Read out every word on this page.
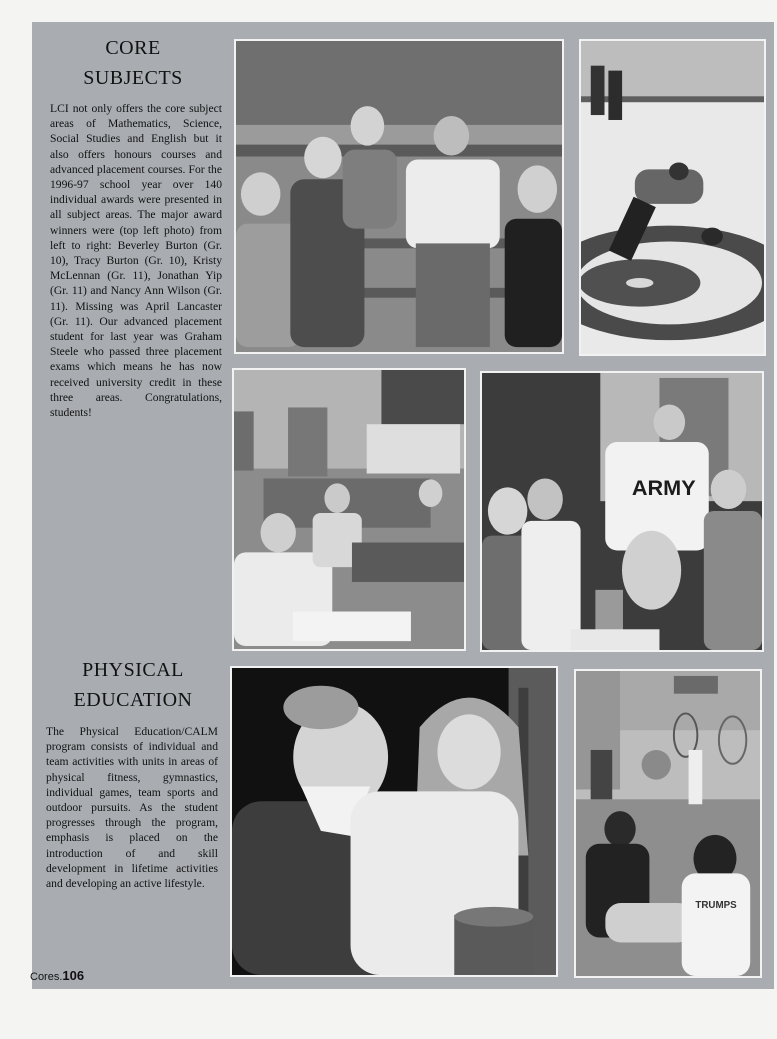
CORE
SUBJECTS
LCI not only offers the core subject areas of Mathematics, Science, Social Studies and English but it also offers honours courses and advanced placement courses. For the 1996-97 school year over 140 individual awards were presented in all subject areas. The major award winners were (top left photo) from left to right: Beverley Burton (Gr. 10), Tracy Burton (Gr. 10), Kristy McLennan (Gr. 11), Jonathan Yip (Gr. 11) and Nancy Ann Wilson (Gr. 11). Missing was April Lancaster (Gr. 11). Our advanced placement student for last year was Graham Steele who passed three placement exams which means he has now received university credit in these three areas. Congratulations, students!
PHYSICAL
EDUCATION
The Physical Education/CALM program consists of individual and team activities with units in areas of physical fitness, gymnastics, individual games, team sports and outdoor pursuits. As the student progresses through the program, emphasis is placed on the introduction of and skill development in lifetime activities and developing an active lifestyle.
ARMY
TRUMPS
Cores.106
